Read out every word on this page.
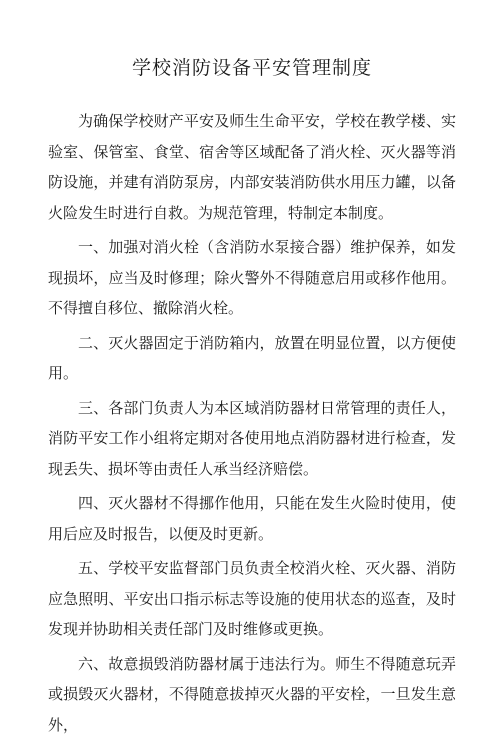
学校消防设备平安管理制度

为确保学校财产平安及师生生命平安，学校在教学楼、实验室、保管室、食堂、宿舍等区域配备了消火栓、灭火器等消防设施，并建有消防泵房，内部安装消防供水用压力罐，以备火险发生时进行自救。为规范管理，特制定本制度。

一、加强对消火栓（含消防水泵接合器）维护保养，如发现损坏，应当及时修理；除火警外不得随意启用或移作他用。不得擅自移位、撤除消火栓。

二、灭火器固定于消防箱内，放置在明显位置，以方便使 用。

三、各部门负责人为本区域消防器材日常管理的责任人，消防平安工作小组将定期对各使用地点消防器材进行检查，发现丢失、损坏等由责任人承当经济赔偿。

四、灭火器材不得挪作他用，只能在发生火险时使用，使用后应及时报告，以便及时更新。

五、学校平安监督部门员负责全校消火栓、灭火器、消防应急照明、平安出口指示标志等设施的使用状态的巡查，及时发现并协助相关责任部门及时维修或更换。

六、故意损毁消防器材属于违法行为。师生不得随意玩弄或损毁灭火器材，不得随意拔掉灭火器的平安栓，一旦发生意外，
